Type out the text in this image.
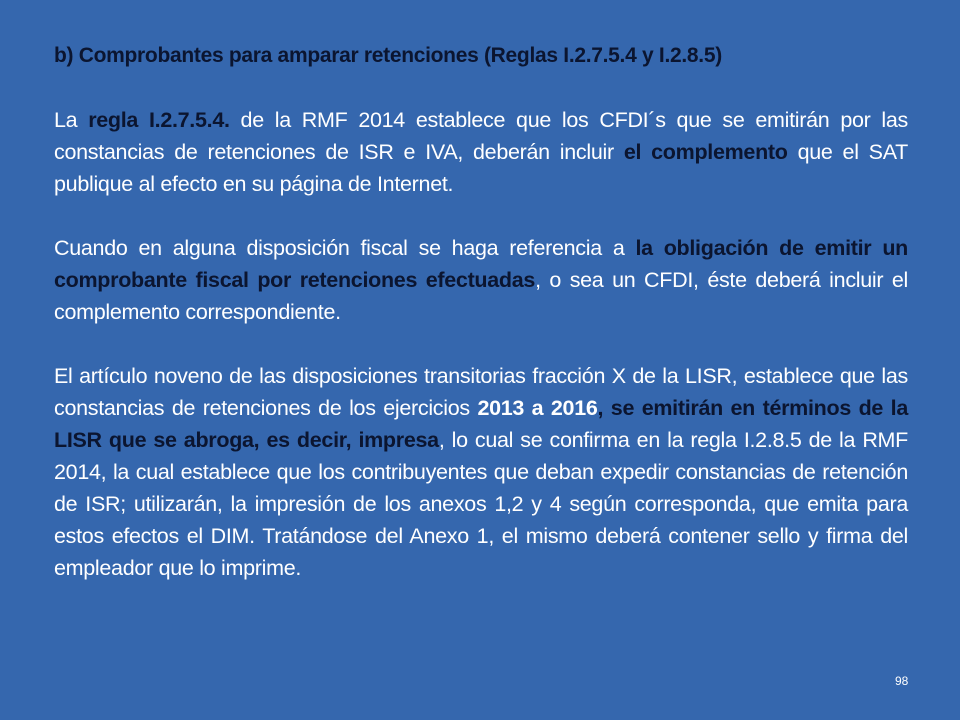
b) Comprobantes para amparar retenciones (Reglas I.2.7.5.4 y I.2.8.5)

La regla I.2.7.5.4. de la RMF 2014 establece que los CFDI´s que se emitirán por las constancias de retenciones de ISR e IVA, deberán incluir el complemento que el SAT publique al efecto en su página de Internet.

Cuando en alguna disposición fiscal se haga referencia a la obligación de emitir un comprobante fiscal por retenciones efectuadas, o sea un CFDI, éste deberá incluir el complemento correspondiente.

El artículo noveno de las disposiciones transitorias fracción X de la LISR, establece que las constancias de retenciones de los ejercicios 2013 a 2016, se emitirán en términos de la LISR que se abroga, es decir, impresa, lo cual se confirma en la regla I.2.8.5 de la RMF 2014, la cual establece que los contribuyentes que deban expedir constancias de retención de ISR; utilizarán, la impresión de los anexos 1,2 y 4 según corresponda, que emita para estos efectos el DIM. Tratándose del Anexo 1, el mismo deberá contener sello y firma del empleador que lo imprime.

98
